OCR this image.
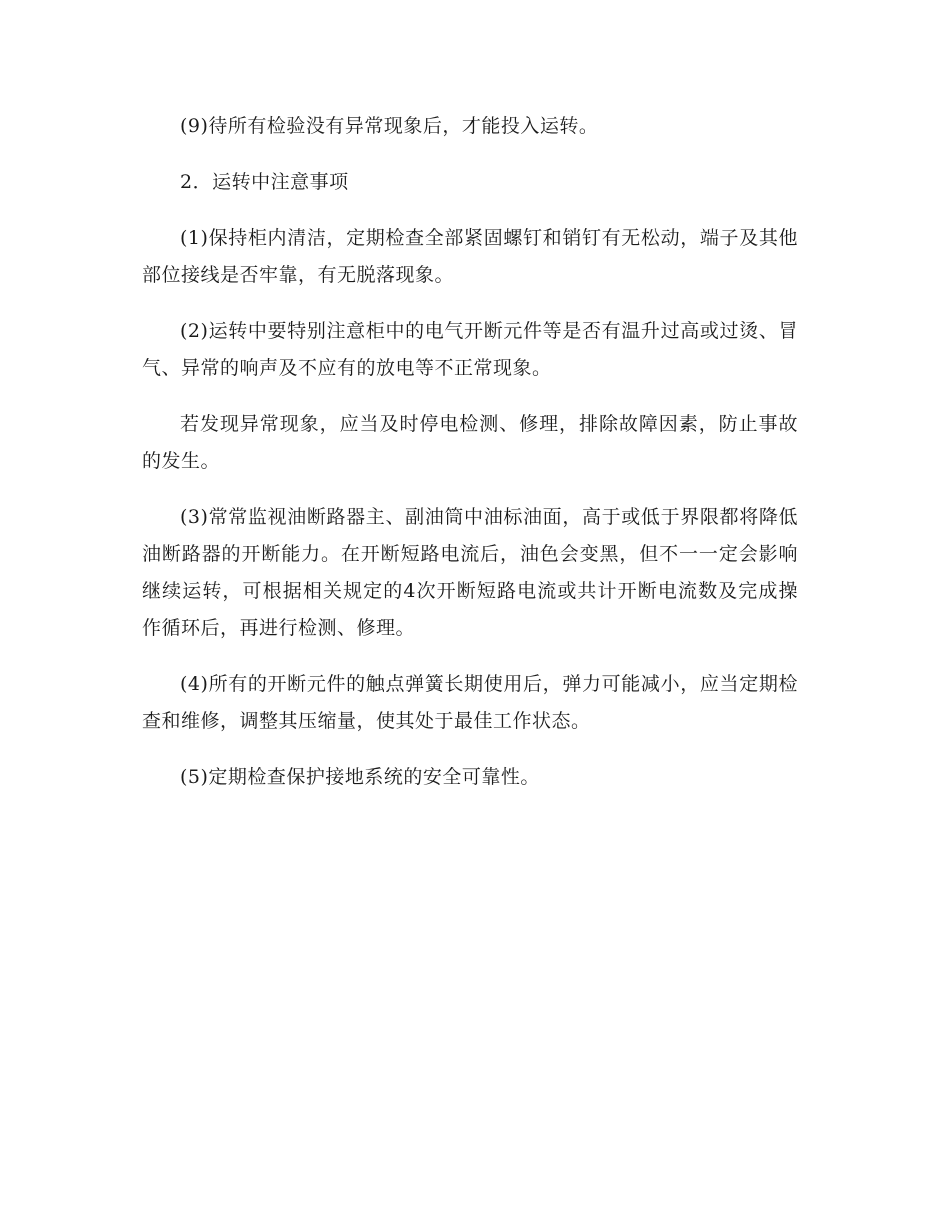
(9)待所有检验没有异常现象后，才能投入运转。

2．运转中注意事项

(1)保持柜内清洁，定期检查全部紧固螺钉和销钉有无松动，端子及其他部位接线是否牢靠，有无脱落现象。

(2)运转中要特别注意柜中的电气开断元件等是否有温升过高或过烫、冒气、异常的响声及不应有的放电等不正常现象。

若发现异常现象，应当及时停电检测、修理，排除故障因素，防止事故的发生。

(3)常常监视油断路器主、副油筒中油标油面，高于或低于界限都将降低油断路器的开断能力。在开断短路电流后，油色会变黑，但不一一定会影响继续运转，可根据相关规定的4次开断短路电流或共计开断电流数及完成操作循环后，再进行检测、修理。

(4)所有的开断元件的触点弹簧长期使用后，弹力可能减小，应当定期检查和维修，调整其压缩量，使其处于最佳工作状态。

(5)定期检查保护接地系统的安全可靠性。
